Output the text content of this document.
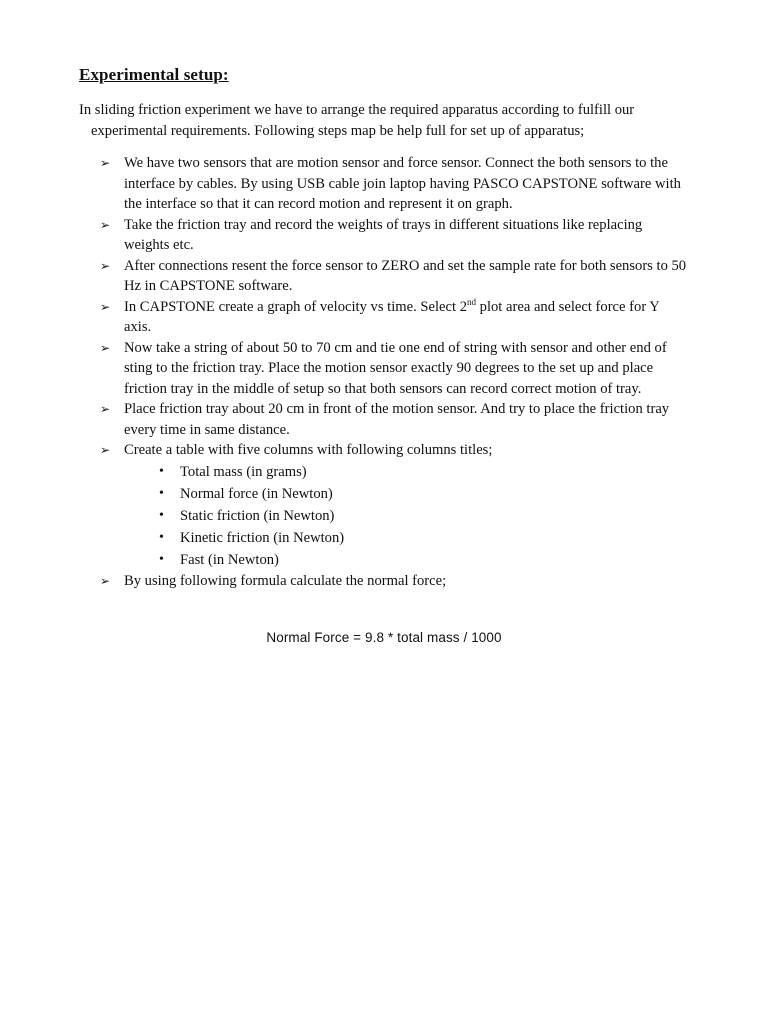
Experimental setup:
In sliding friction experiment we have to arrange the required apparatus according to fulfill our
experimental requirements. Following steps map be help full for set up of apparatus;
➢ We have two sensors that are motion sensor and force sensor. Connect the both sensors to the interface by cables. By using USB cable join laptop having PASCO CAPSTONE software with the interface so that it can record motion and represent it on graph.
➢ Take the friction tray and record the weights of trays in different situations like replacing weights etc.
➢ After connections resent the force sensor to ZERO and set the sample rate for both sensors to 50 Hz in CAPSTONE software.
➢ In CAPSTONE create a graph of velocity vs time. Select 2nd plot area and select force for Y axis.
➢ Now take a string of about 50 to 70 cm and tie one end of string with sensor and other end of sting to the friction tray. Place the motion sensor exactly 90 degrees to the set up and place friction tray in the middle of setup so that both sensors can record correct motion of tray.
➢ Place friction tray about 20 cm in front of the motion sensor. And try to place the friction tray every time in same distance.
➢ Create a table with five columns with following columns titles;
• Total mass (in grams)
• Normal force (in Newton)
• Static friction (in Newton)
• Kinetic friction (in Newton)
• Fast (in Newton)
➢ By using following formula calculate the normal force;
Normal Force = 9.8 * total mass / 1000
